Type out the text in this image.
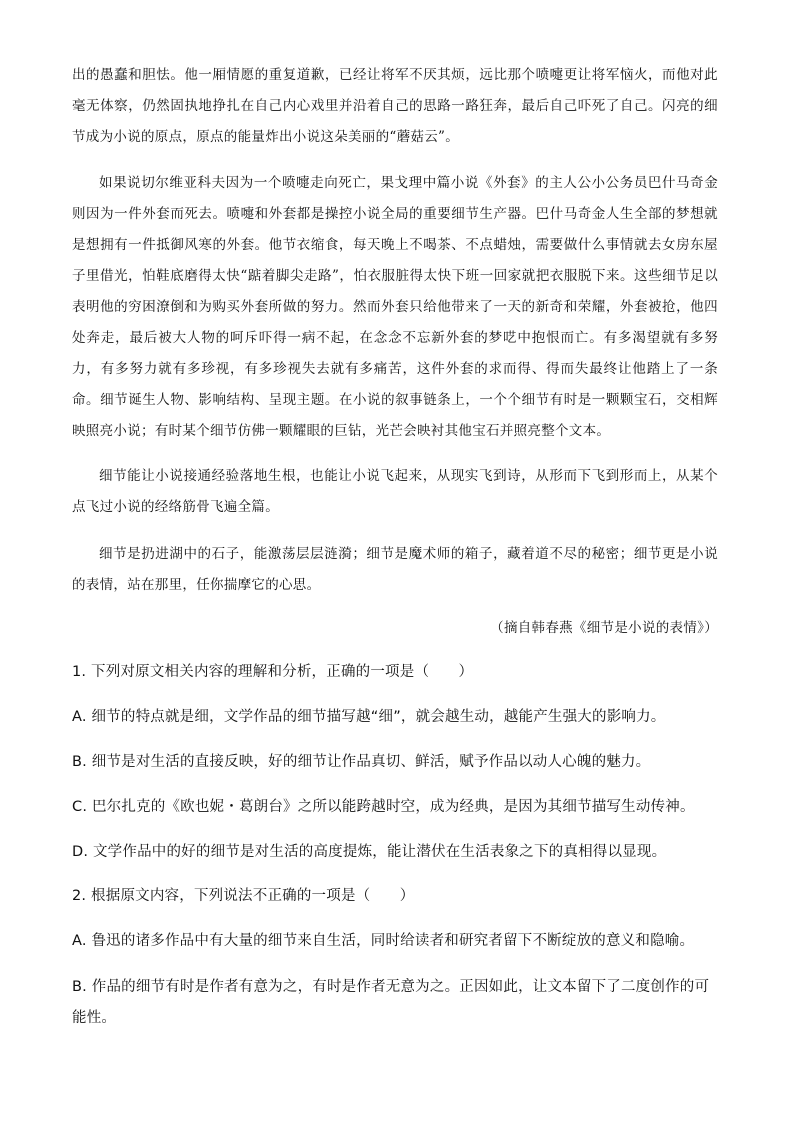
出的愚蠢和胆怯。他一厢情愿的重复道歉，已经让将军不厌其烦，远比那个喷嚏更让将军恼火，而他对此毫无体察，仍然固执地挣扎在自己内心戏里并沿着自己的思路一路狂奔，最后自己吓死了自己。闪亮的细节成为小说的原点，原点的能量炸出小说这朵美丽的“蘑菇云”。

如果说切尔维亚科夫因为一个喷嚏走向死亡，果戈理中篇小说《外套》的主人公小公务员巴什马奇金则因为一件外套而死去。喷嚏和外套都是操控小说全局的重要细节生产器。巴什马奇金人生全部的梦想就是想拥有一件抵御风寒的外套。他节衣缩食，每天晚上不喝茶、不点蜡烛，需要做什么事情就去女房东屋子里借光，怕鞋底磨得太快“踮着脚尖走路”，怕衣服脏得太快下班一回家就把衣服脱下来。这些细节足以表明他的穷困潦倒和为购买外套所做的努力。然而外套只给他带来了一天的新奇和荣耀，外套被抢，他四处奔走，最后被大人物的呵斥吓得一病不起，在念念不忘新外套的梦呓中抱恨而亡。有多渴望就有多努力，有多努力就有多珍视，有多珍视失去就有多痛苦，这件外套的求而得、得而失最终让他踏上了一条命。细节诞生人物、影响结构、呈现主题。在小说的叙事链条上，一个个细节有时是一颗颗宝石，交相辉映照亮小说；有时某个细节仿佛一颗耀眼的巨钻，光芒会映衬其他宝石并照亮整个文本。

细节能让小说接通经验落地生根，也能让小说飞起来，从现实飞到诗，从形而下飞到形而上，从某个点飞过小说的经络筋骨飞遍全篇。

细节是扔进湖中的石子，能激荡层层涟漪；细节是魔术师的箱子，藏着道不尽的秘密；细节更是小说的表情，站在那里，任你揣摩它的心思。

（摘自韩春燕《细节是小说的表情》）
1. 下列对原文相关内容的理解和分析，正确的一项是（　　）
A. 细节的特点就是细，文学作品的细节描写越“细”，就会越生动，越能产生强大的影响力。
B. 细节是对生活的直接反映，好的细节让作品真切、鲜活，赋予作品以动人心魄的魅力。
C. 巴尔扎克的《欧也妮・葛朗台》之所以能跨越时空，成为经典，是因为其细节描写生动传神。
D. 文学作品中的好的细节是对生活的高度提炼，能让潜伏在生活表象之下的真相得以显现。
2. 根据原文内容，下列说法不正确的一项是（　　）
A. 鲁迅的诸多作品中有大量的细节来自生活，同时给读者和研究者留下不断绽放的意义和隐喻。
B. 作品的细节有时是作者有意为之，有时是作者无意为之。正因如此，让文本留下了二度创作的可能性。
